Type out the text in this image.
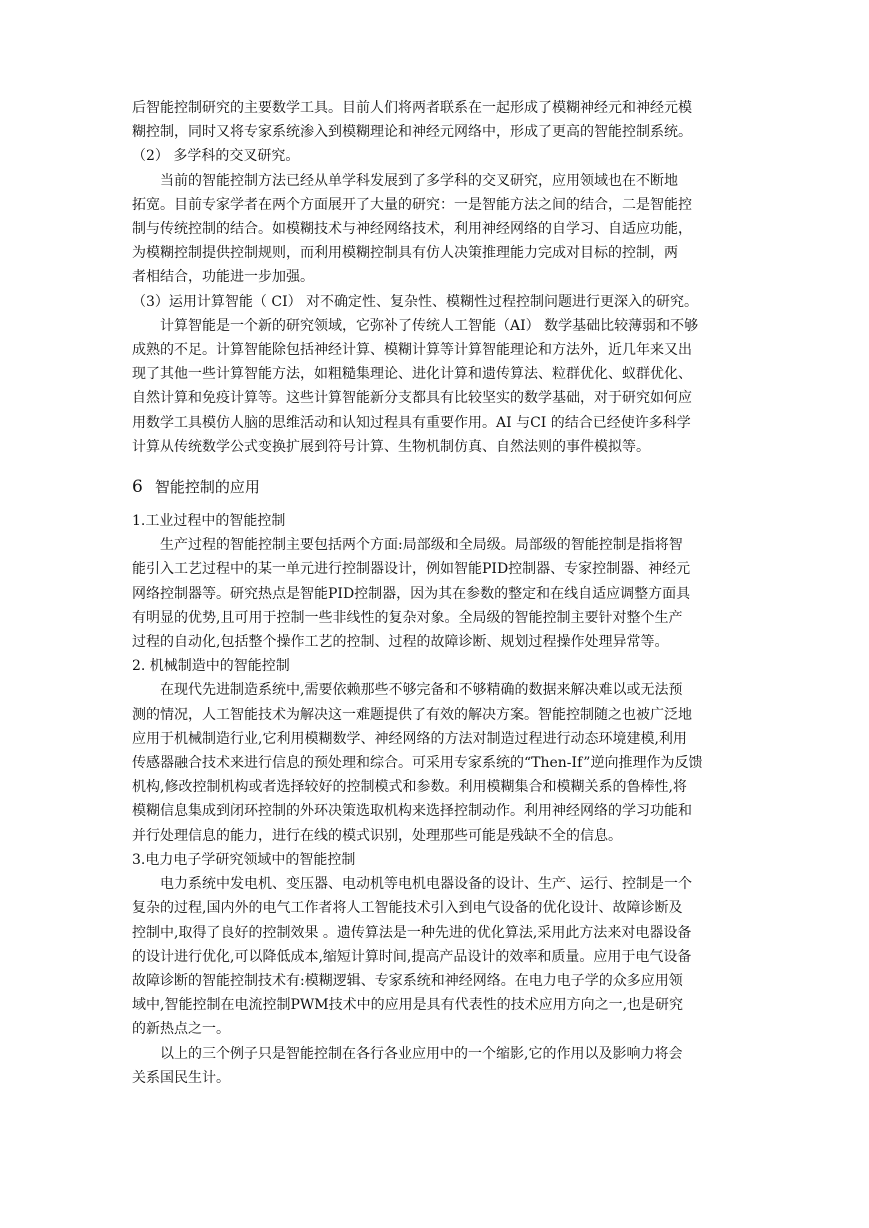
后智能控制研究的主要数学工具。目前人们将两者联系在一起形成了模糊神经元和神经元模
糊控制，同时又将专家系统渗入到模糊理论和神经元网络中，形成了更高的智能控制系统。
（2） 多学科的交叉研究。
当前的智能控制方法已经从单学科发展到了多学科的交叉研究，应用领域也在不断地
拓宽。目前专家学者在两个方面展开了大量的研究：一是智能方法之间的结合，二是智能控
制与传统控制的结合。如模糊技术与神经网络技术，利用神经网络的自学习、自适应功能，
为模糊控制提供控制规则，而利用模糊控制具有仿人决策推理能力完成对目标的控制，两
者相结合，功能进一步加强。
（3）运用计算智能（ CI） 对不确定性、复杂性、模糊性过程控制问题进行更深入的研究。
计算智能是一个新的研究领域，它弥补了传统人工智能（AI） 数学基础比较薄弱和不够
成熟的不足。计算智能除包括神经计算、模糊计算等计算智能理论和方法外，近几年来又出
现了其他一些计算智能方法，如粗糙集理论、进化计算和遗传算法、粒群优化、蚁群优化、
自然计算和免疫计算等。这些计算智能新分支都具有比较坚实的数学基础，对于研究如何应
用数学工具模仿人脑的思维活动和认知过程具有重要作用。AI 与CI 的结合已经使许多科学
计算从传统数学公式变换扩展到符号计算、生物机制仿真、自然法则的事件模拟等。
6 智能控制的应用
1.工业过程中的智能控制
生产过程的智能控制主要包括两个方面:局部级和全局级。局部级的智能控制是指将智
能引入工艺过程中的某一单元进行控制器设计，例如智能PID控制器、专家控制器、神经元
网络控制器等。研究热点是智能PID控制器，因为其在参数的整定和在线自适应调整方面具
有明显的优势,且可用于控制一些非线性的复杂对象。全局级的智能控制主要针对整个生产
过程的自动化,包括整个操作工艺的控制、过程的故障诊断、规划过程操作处理异常等。
2. 机械制造中的智能控制
在现代先进制造系统中,需要依赖那些不够完备和不够精确的数据来解决难以或无法预
测的情况，人工智能技术为解决这一难题提供了有效的解决方案。智能控制随之也被广泛地
应用于机械制造行业,它利用模糊数学、神经网络的方法对制造过程进行动态环境建模,利用
传感器融合技术来进行信息的预处理和综合。可采用专家系统的“Then-If”逆向推理作为反馈
机构,修改控制机构或者选择较好的控制模式和参数。利用模糊集合和模糊关系的鲁棒性,将
模糊信息集成到闭环控制的外环决策选取机构来选择控制动作。利用神经网络的学习功能和
并行处理信息的能力，进行在线的模式识别，处理那些可能是残缺不全的信息。
3.电力电子学研究领域中的智能控制
电力系统中发电机、变压器、电动机等电机电器设备的设计、生产、运行、控制是一个
复杂的过程,国内外的电气工作者将人工智能技术引入到电气设备的优化设计、故障诊断及
控制中,取得了良好的控制效果 。遗传算法是一种先进的优化算法,采用此方法来对电器设备
的设计进行优化,可以降低成本,缩短计算时间,提高产品设计的效率和质量。应用于电气设备
故障诊断的智能控制技术有:模糊逻辑、专家系统和神经网络。在电力电子学的众多应用领
域中,智能控制在电流控制PWM技术中的应用是具有代表性的技术应用方向之一,也是研究
的新热点之一。
以上的三个例子只是智能控制在各行各业应用中的一个缩影,它的作用以及影响力将会
关系国民生计。
